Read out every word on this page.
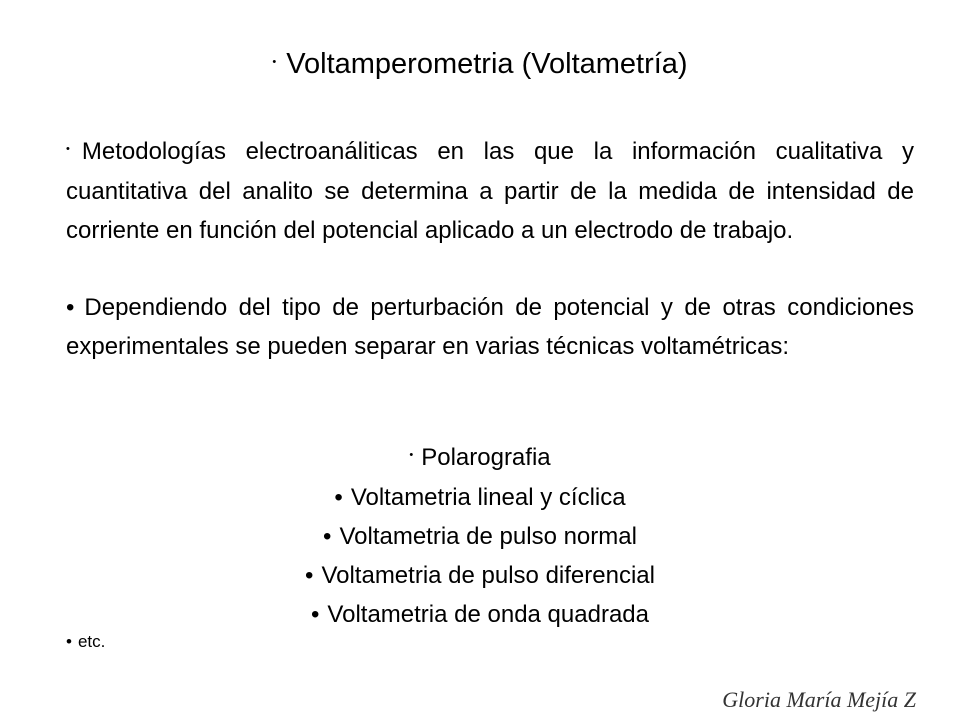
• Voltamperometria (Voltametría)
• Metodologías electroanáliticas en las que la información cualitativa y cuantitativa del analito se determina a partir de la medida de intensidad de corriente en función del potencial aplicado a un electrodo de trabajo.
• Dependiendo del tipo de perturbación de potencial y de otras condiciones experimentales se pueden separar en varias técnicas voltamétricas:
• Polarografia
• Voltametria lineal y cíclica
• Voltametria de pulso normal
• Voltametria de pulso diferencial
• Voltametria de onda quadrada
• etc.
Gloria María Mejía Z
